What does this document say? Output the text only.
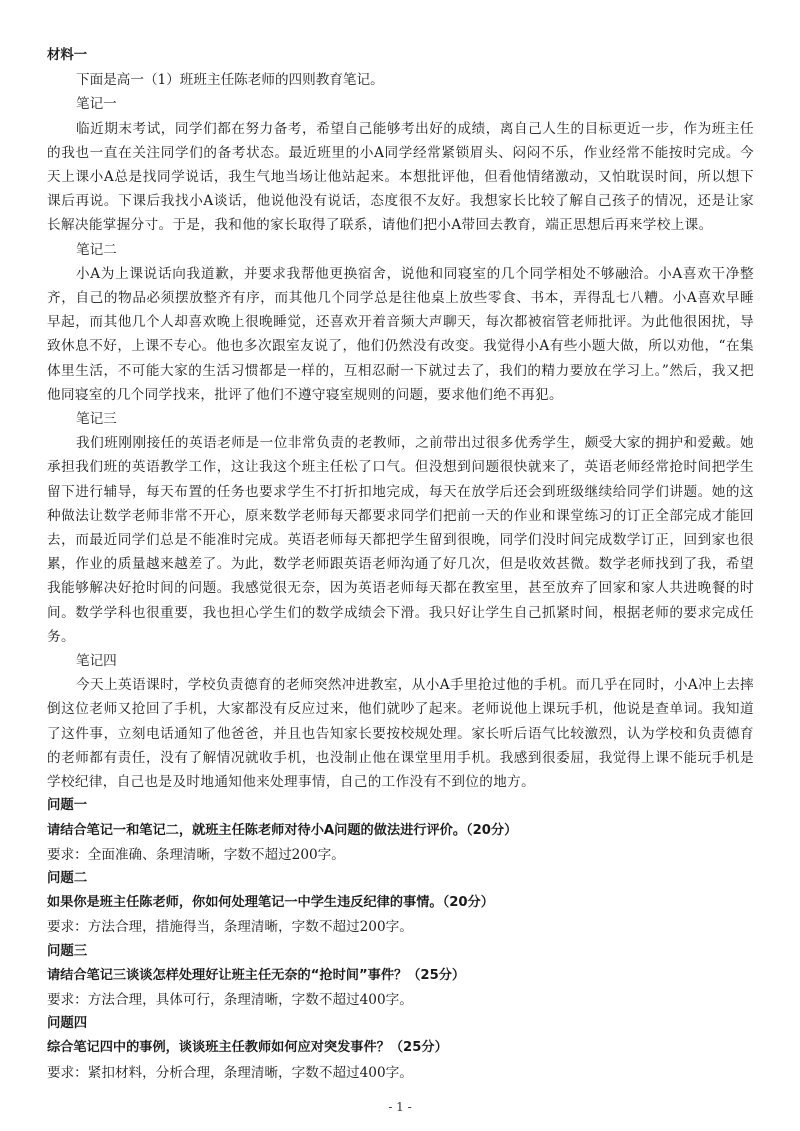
材料一

下面是高一（1）班班主任陈老师的四则教育笔记。

笔记一

临近期末考试，同学们都在努力备考，希望自己能够考出好的成绩，离自己人生的目标更近一步，作为班主任的我也一直在关注同学们的备考状态。最近班里的小A同学经常紧锁眉头、闷闷不乐，作业经常不能按时完成。今天上课小A总是找同学说话，我生气地当场让他站起来。本想批评他，但看他情绪激动，又怕耽误时间，所以想下课后再说。下课后我找小A谈话，他说他没有说话，态度很不友好。我想家长比较了解自己孩子的情况，还是让家长解决能掌握分寸。于是，我和他的家长取得了联系，请他们把小A带回去教育，端正思想后再来学校上课。

笔记二

小A为上课说话向我道歉，并要求我帮他更换宿舍，说他和同寝室的几个同学相处不够融洽。小A喜欢干净整齐，自己的物品必须摆放整齐有序，而其他几个同学总是往他桌上放些零食、书本，弄得乱七八糟。小A喜欢早睡早起，而其他几个人却喜欢晚上很晚睡觉，还喜欢开着音频大声聊天，每次都被宿管老师批评。为此他很困扰，导致休息不好，上课不专心。他也多次跟室友说了，他们仍然没有改变。我觉得小A有些小题大做，所以劝他，“在集体里生活，不可能大家的生活习惯都是一样的，互相忍耐一下就过去了，我们的精力要放在学习上。”然后，我又把他同寝室的几个同学找来，批评了他们不遵守寝室规则的问题，要求他们绝不再犯。

笔记三

我们班刚刚接任的英语老师是一位非常负责的老教师，之前带出过很多优秀学生，颇受大家的拥护和爱戴。她承担我们班的英语教学工作，这让我这个班主任松了口气。但没想到问题很快就来了，英语老师经常抢时间把学生留下进行辅导，每天布置的任务也要求学生不打折扣地完成，每天在放学后还会到班级继续给同学们讲题。她的这种做法让数学老师非常不开心，原来数学老师每天都要求同学们把前一天的作业和课堂练习的订正全部完成才能回去，而最近同学们总是不能准时完成。英语老师每天都把学生留到很晚，同学们没时间完成数学订正，回到家也很累，作业的质量越来越差了。为此，数学老师跟英语老师沟通了好几次，但是收效甚微。数学老师找到了我，希望我能够解决好抢时间的问题。我感觉很无奈，因为英语老师每天都在教室里，甚至放弃了回家和家人共进晚餐的时间。数学学科也很重要，我也担心学生们的数学成绩会下滑。我只好让学生自己抓紧时间，根据老师的要求完成任务。

笔记四

今天上英语课时，学校负责德育的老师突然冲进教室，从小A手里抢过他的手机。而几乎在同时，小A冲上去摔倒这位老师又抢回了手机，大家都没有反应过来，他们就吵了起来。老师说他上课玩手机，他说是查单词。我知道了这件事，立刻电话通知了他爸爸，并且也告知家长要按校规处理。家长听后语气比较激烈，认为学校和负责德育的老师都有责任，没有了解情况就收手机，也没制止他在课堂里用手机。我感到很委屈，我觉得上课不能玩手机是学校纪律，自己也是及时地通知他来处理事情，自己的工作没有不到位的地方。

问题一

请结合笔记一和笔记二，就班主任陈老师对待小A问题的做法进行评价。（20分）

要求：全面准确、条理清晰，字数不超过200字。

问题二

如果你是班主任陈老师，你如何处理笔记一中学生违反纪律的事情。（20分）

要求：方法合理，措施得当，条理清晰，字数不超过200字。

问题三

请结合笔记三谈谈怎样处理好让班主任无奈的“抢时间”事件？（25分）

要求：方法合理，具体可行，条理清晰，字数不超过400字。

问题四

综合笔记四中的事例，谈谈班主任教师如何应对突发事件？（25分）

要求：紧扣材料，分析合理，条理清晰，字数不超过400字。

- 1 -
